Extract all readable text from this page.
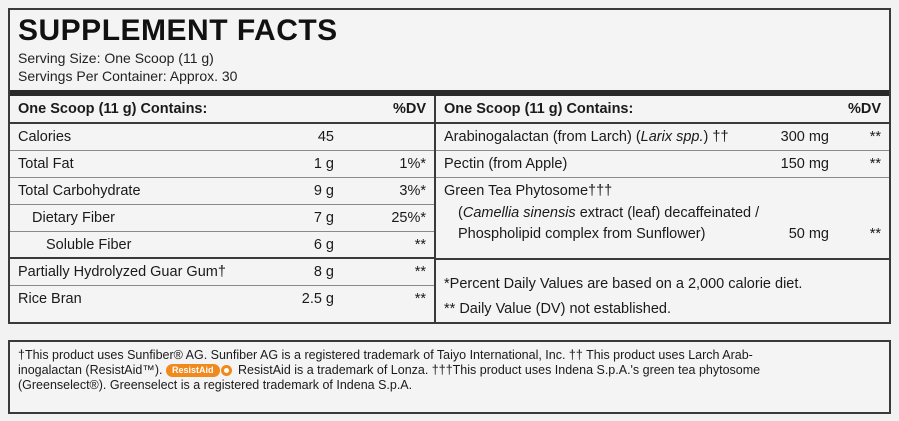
SUPPLEMENT FACTS
Serving Size: One Scoop (11 g)
Servings Per Container: Approx. 30
One Scoop (11 g) Contains:	%DV
Calories	45
Total Fat	1 g	1%*
Total Carbohydrate	9 g	3%*
Dietary Fiber	7 g	25%*
Soluble Fiber	6 g	**
Partially Hydrolyzed Guar Gum†	8 g	**
Rice Bran	2.5 g	**
One Scoop (11 g) Contains:	%DV
Arabinogalactan (from Larch) (Larix spp.) ††	300 mg	**
Pectin (from Apple)	150 mg	**
Green Tea Phytosome†††
(Camellia sinensis extract (leaf) decaffeinated /
Phospholipid complex from Sunflower)	50 mg	**
*Percent Daily Values are based on a 2,000 calorie diet.
** Daily Value (DV) not established.
†This product uses Sunfiber® AG. Sunfiber AG is a registered trademark of Taiyo International, Inc. †† This product uses Larch Arab-
inogalactan (ResistAid™). ResistAid ResistAid is a trademark of Lonza. †††This product uses Indena S.p.A.'s green tea phytosome
(Greenselect®). Greenselect is a registered trademark of Indena S.p.A.
